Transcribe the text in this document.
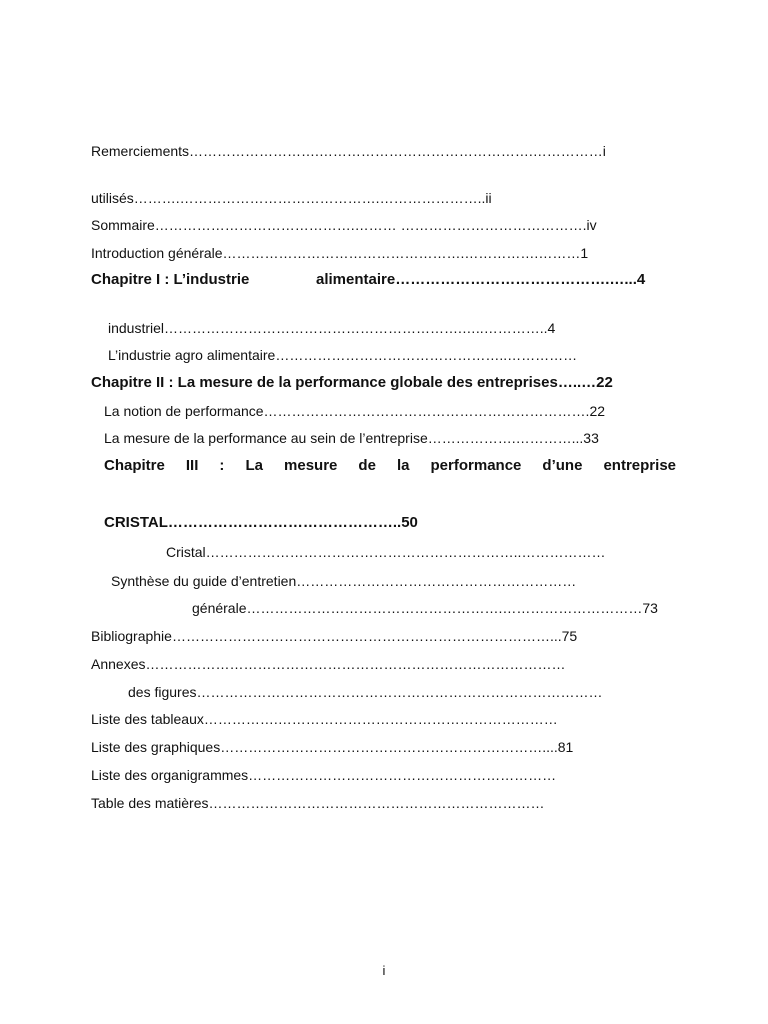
Remerciements……………………….……………………………………….……………i
utilisés……….…………………………………….…………………..ii
Sommaire…………………………………….……… ………………………………….iv
Introduction générale…………………………………………….…………….………1
Chapitre I : L’industrie	alimentaire…………………………………….…...4
industriel……………………………………………………….…..…………..4
L’industrie agro alimentaire…………………………………………..……………
Chapitre II : La mesure de la performance globale des entreprises…..…22
La notion de performance…………………………………………………………….22
La mesure de la performance au sein de l’entreprise……………….…………...33
Chapitre III : La mesure de la performance d’une entreprise
CRISTAL………………………………………..50
Cristal…………………………………………………………..………………
Synthèse du guide d’entretien……………………………………………………
générale……………………………………………….…………………………73
Bibliographie………………………………………………………………………...75
Annexes………………………………………………………………………………
des figures……………………………………………………………………………
Liste des tableaux…………….……………………………………………………
Liste des graphiques……………………………………………………………....81
Liste des organigrammes…………………………………………………………
Table des matières………………………………………………………………
i
